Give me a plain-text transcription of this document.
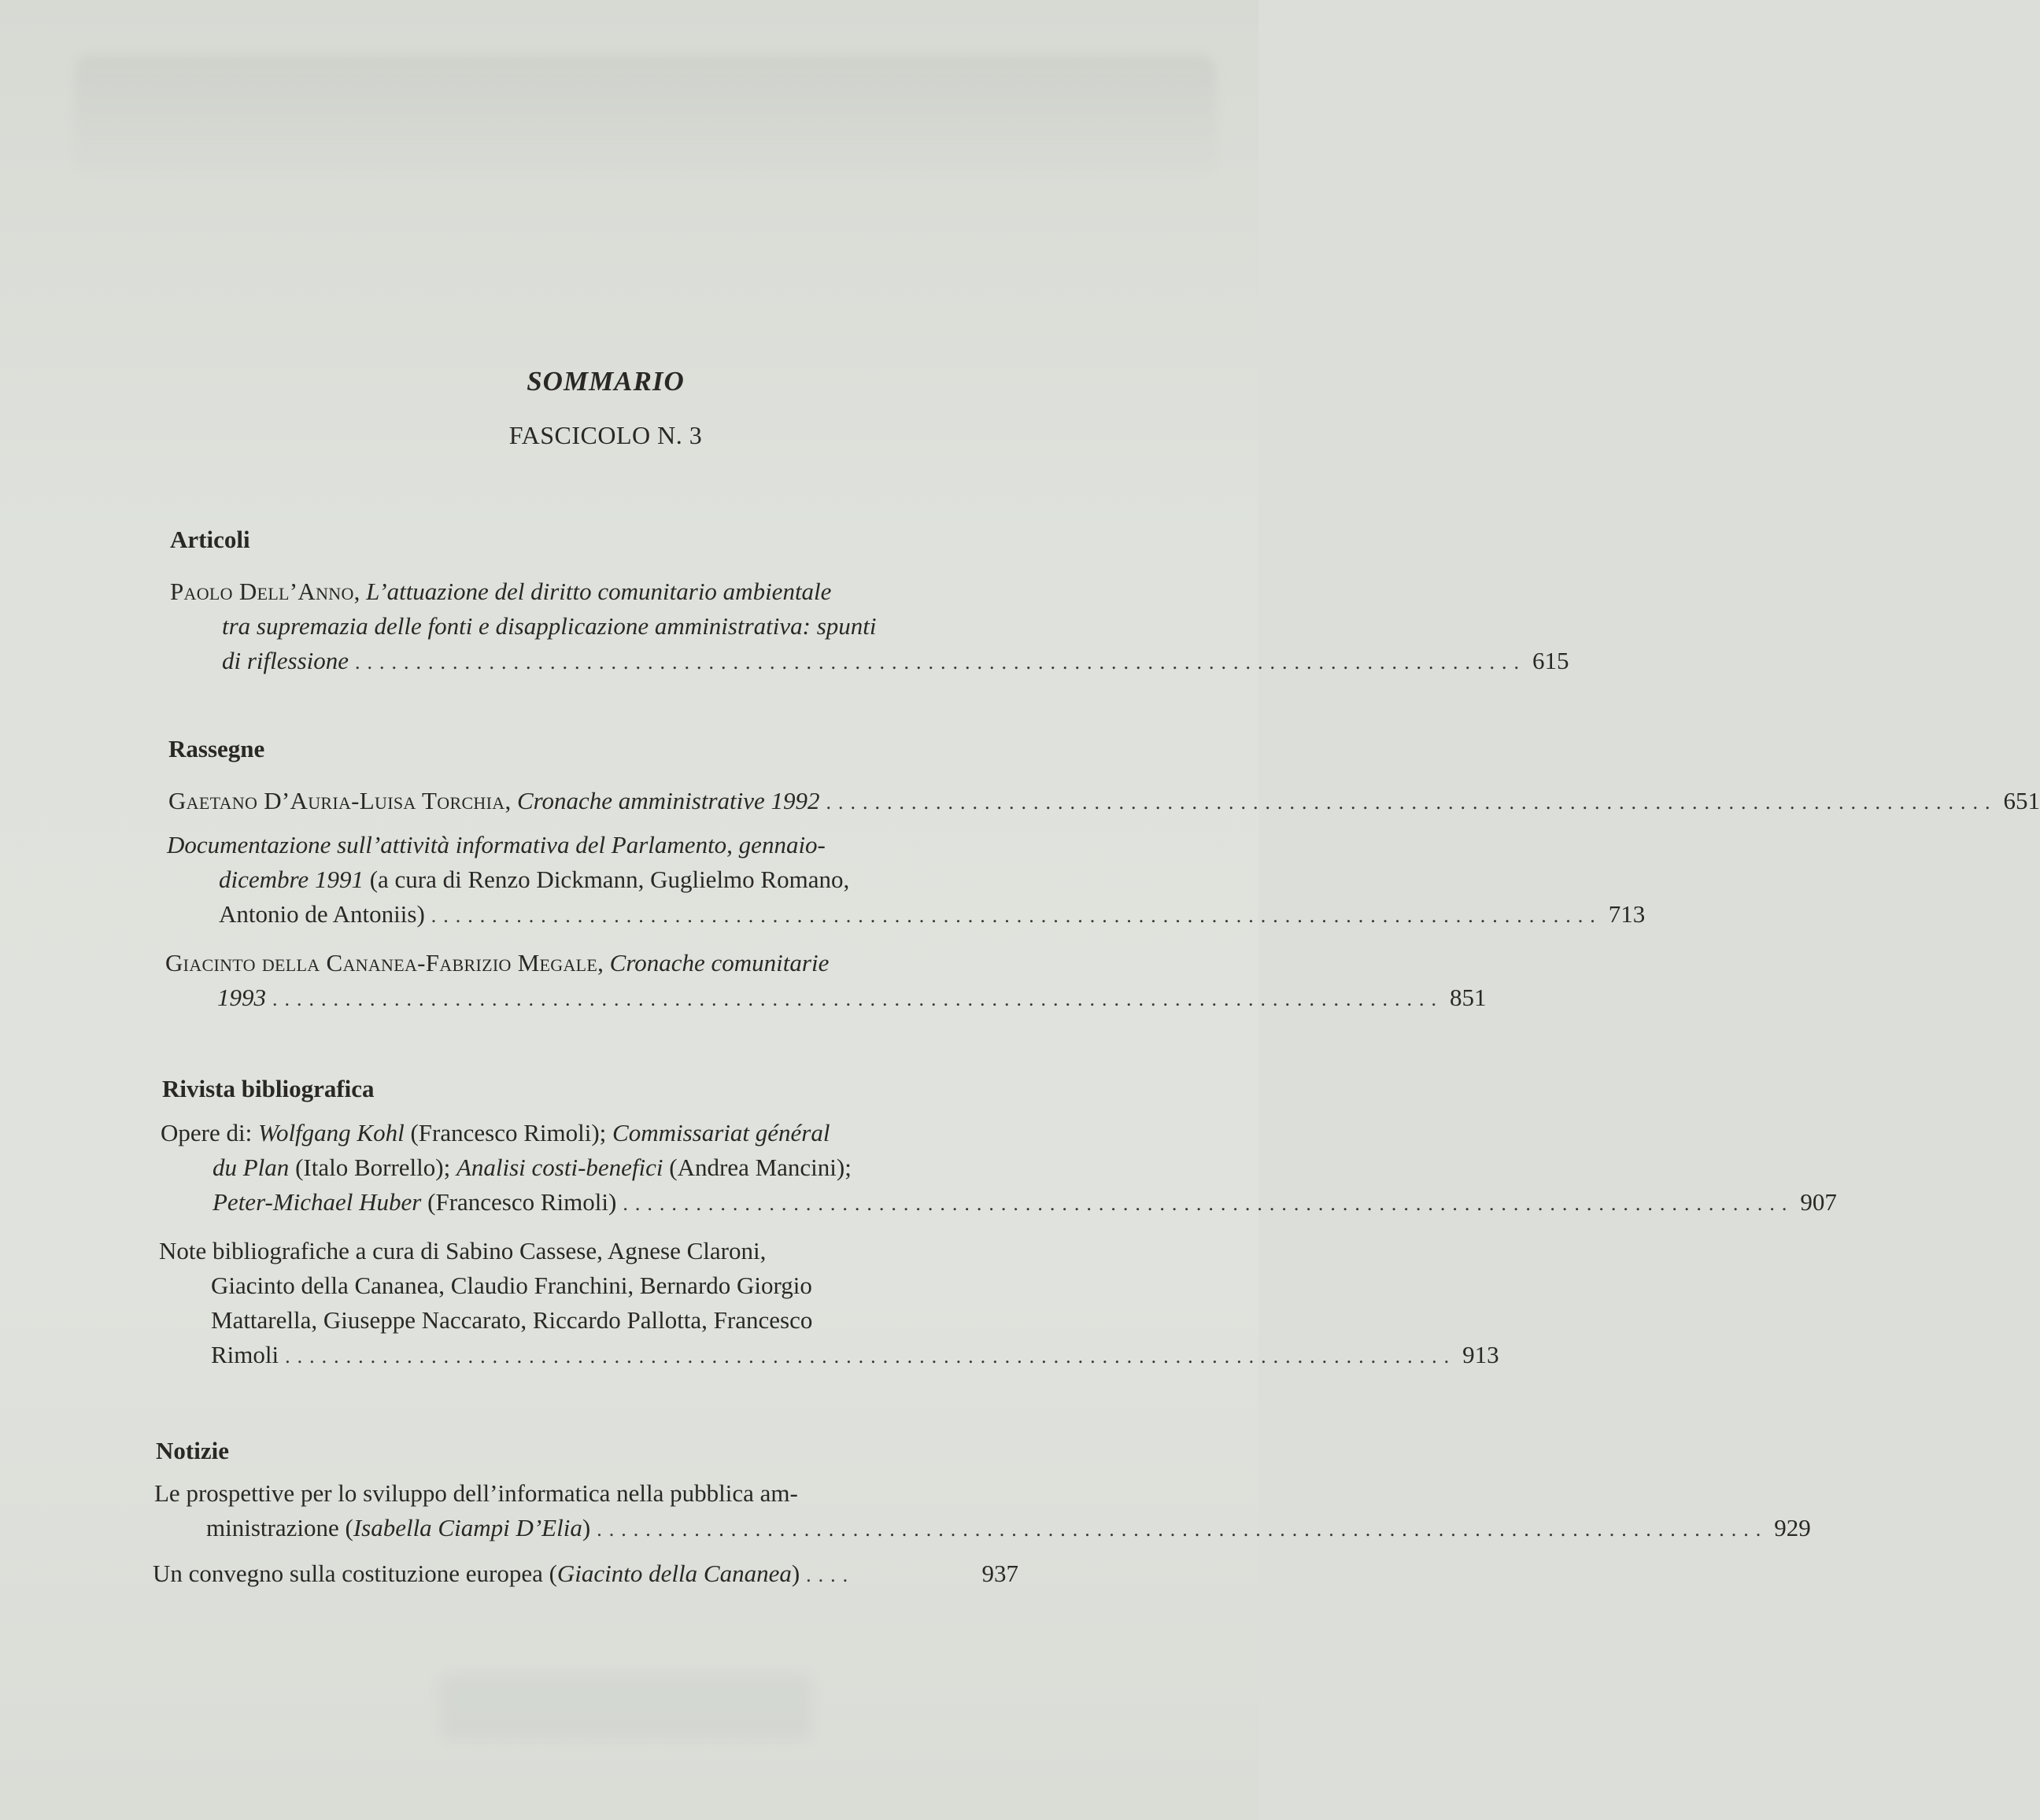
SOMMARIO
FASCICOLO N. 3
Articoli
Paolo Dell’Anno, L’attuazione del diritto comunitario ambientale
tra supremazia delle fonti e disapplicazione amministrativa: spunti
di riflessione ................................................................................................ 615
Rassegne
Gaetano D’Auria-Luisa Torchia, Cronache amministrative 1992 ................................................................................................ 651
Documentazione sull’attività informativa del Parlamento, gennaio-
dicembre 1991 (a cura di Renzo Dickmann, Guglielmo Romano,
Antonio de Antoniis) ................................................................................................ 713
Giacinto della Cananea-Fabrizio Megale, Cronache comunitarie
1993 ................................................................................................ 851
Rivista bibliografica
Opere di: Wolfgang Kohl (Francesco Rimoli); Commissariat général
du Plan (Italo Borrello); Analisi costi-benefici (Andrea Mancini);
Peter-Michael Huber (Francesco Rimoli) ................................................................................................ 907
Note bibliografiche a cura di Sabino Cassese, Agnese Claroni,
Giacinto della Cananea, Claudio Franchini, Bernardo Giorgio
Mattarella, Giuseppe Naccarato, Riccardo Pallotta, Francesco
Rimoli ................................................................................................ 913
Notizie
Le prospettive per lo sviluppo dell’informatica nella pubblica am-
ministrazione (Isabella Ciampi D’Elia) ................................................................................................ 929
Un convegno sulla costituzione europea (Giacinto della Cananea) ....	937
